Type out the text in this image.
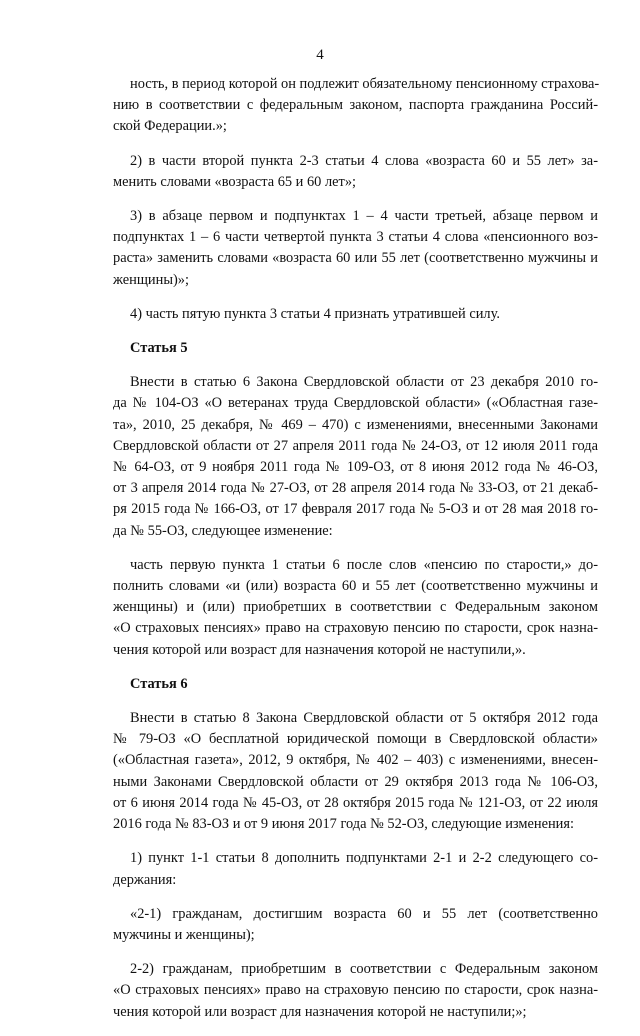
4

ность, в период которой он подлежит обязательному пенсионному страхова-
нию в соответствии с федеральным законом, паспорта гражданина Россий-
ской Федерации.»;

2) в части второй пункта 2-3 статьи 4 слова «возраста 60 и 55 лет» за-
менить словами «возраста 65 и 60 лет»;

3) в абзаце первом и подпунктах 1 – 4 части третьей, абзаце первом и
подпунктах 1 – 6 части четвертой пункта 3 статьи 4 слова «пенсионного воз-
раста» заменить словами «возраста 60 или 55 лет (соответственно мужчины и
женщины)»;

4) часть пятую пункта 3 статьи 4 признать утратившей силу.

Статья 5

Внести в статью 6 Закона Свердловской области от 23 декабря 2010 го-
да № 104-ОЗ «О ветеранах труда Свердловской области» («Областная газе-
та», 2010, 25 декабря, № 469 – 470) с изменениями, внесенными Законами
Свердловской области от 27 апреля 2011 года № 24-ОЗ, от 12 июля 2011 года
№ 64-ОЗ, от 9 ноября 2011 года № 109-ОЗ, от 8 июня 2012 года № 46-ОЗ,
от 3 апреля 2014 года № 27-ОЗ, от 28 апреля 2014 года № 33-ОЗ, от 21 декаб-
ря 2015 года № 166-ОЗ, от 17 февраля 2017 года № 5-ОЗ и от 28 мая 2018 го-
да № 55-ОЗ, следующее изменение:

часть первую пункта 1 статьи 6 после слов «пенсию по старости,» до-
полнить словами «и (или) возраста 60 и 55 лет (соответственно мужчины и
женщины) и (или) приобретших в соответствии с Федеральным законом
«О страховых пенсиях» право на страховую пенсию по старости, срок назна-
чения которой или возраст для назначения которой не наступили,».

Статья 6

Внести в статью 8 Закона Свердловской области от 5 октября 2012 года
№ 79-ОЗ «О бесплатной юридической помощи в Свердловской области»
(«Областная газета», 2012, 9 октября, № 402 – 403) с изменениями, внесен-
ными Законами Свердловской области от 29 октября 2013 года № 106-ОЗ,
от 6 июня 2014 года № 45-ОЗ, от 28 октября 2015 года № 121-ОЗ, от 22 июля
2016 года № 83-ОЗ и от 9 июня 2017 года № 52-ОЗ, следующие изменения:

1) пункт 1-1 статьи 8 дополнить подпунктами 2-1 и 2-2 следующего со-
держания:

«2-1) гражданам, достигшим возраста 60 и 55 лет (соответственно
мужчины и женщины);

2-2) гражданам, приобретшим в соответствии с Федеральным законом
«О страховых пенсиях» право на страховую пенсию по старости, срок назна-
чения которой или возраст для назначения которой не наступили;»;
